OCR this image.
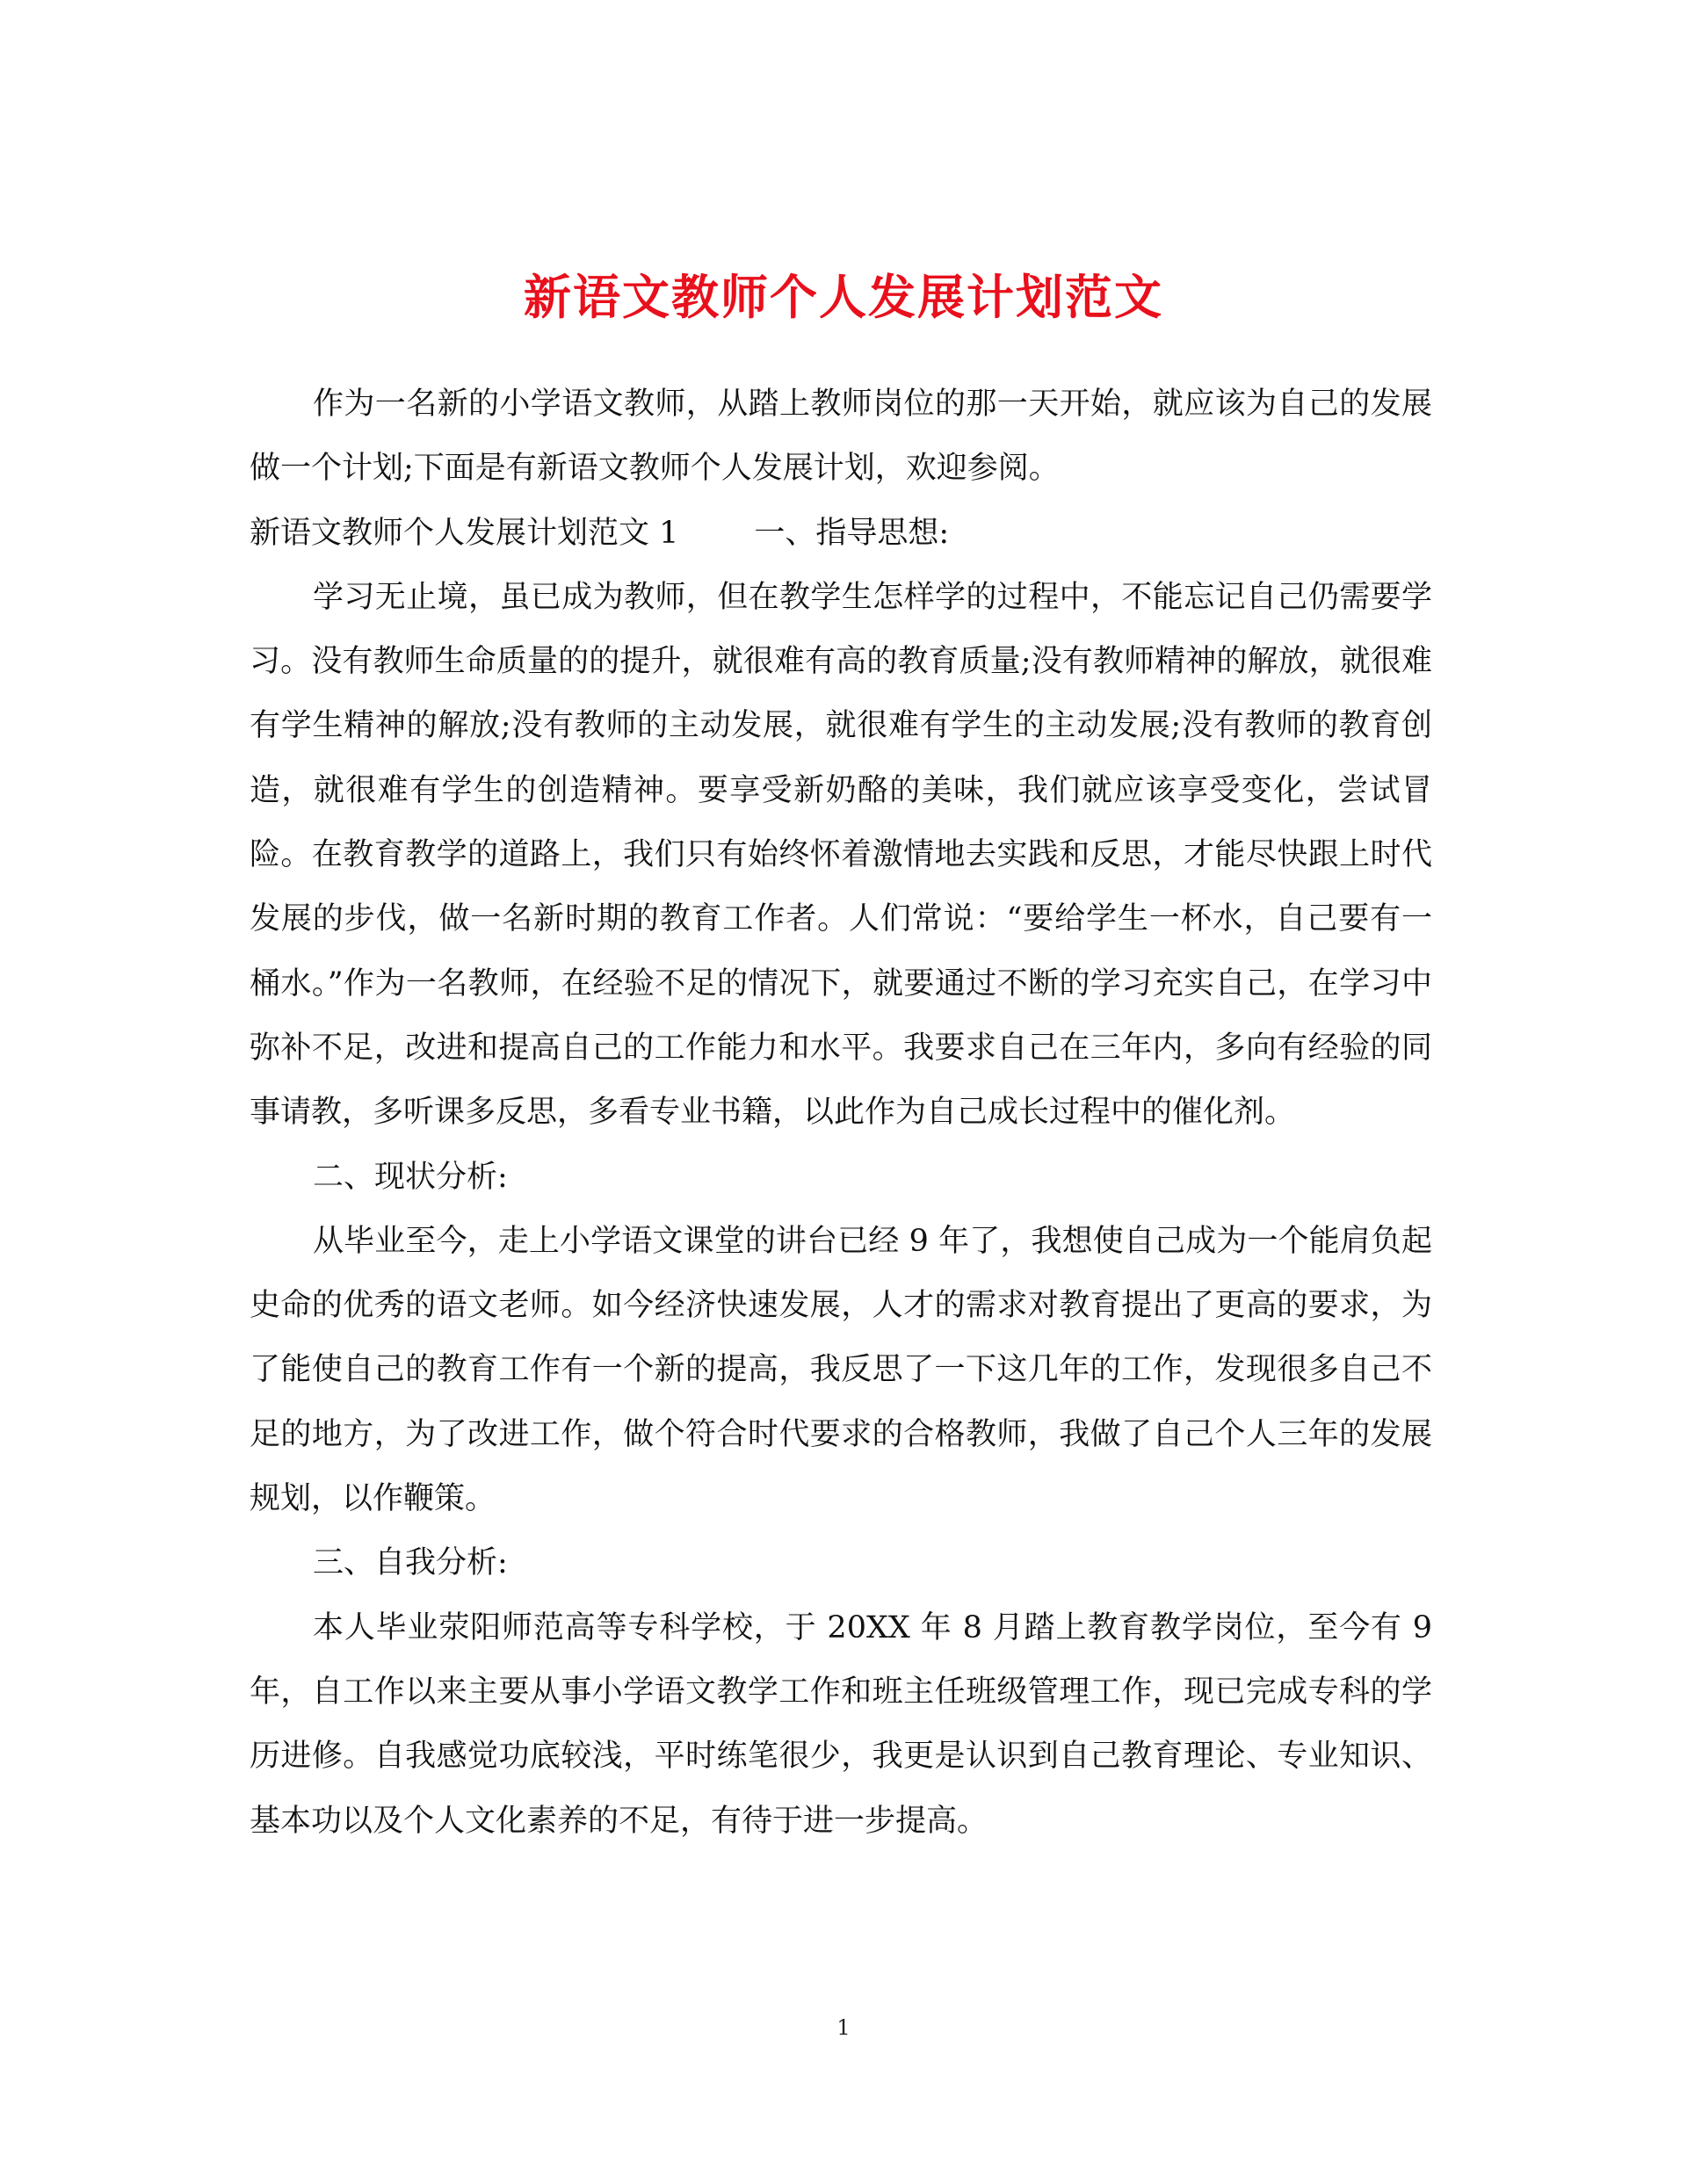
新语文教师个人发展计划范文

作为一名新的小学语文教师，从踏上教师岗位的那一天开始，就应该为自己的发展做一个计划;下面是有新语文教师个人发展计划，欢迎参阅。

新语文教师个人发展计划范文 1 一、指导思想:

学习无止境，虽已成为教师，但在教学生怎样学的过程中，不能忘记自己仍需要学习。没有教师生命质量的的提升，就很难有高的教育质量;没有教师精神的解放，就很难有学生精神的解放;没有教师的主动发展，就很难有学生的主动发展;没有教师的教育创造，就很难有学生的创造精神。要享受新奶酪的美味，我们就应该享受变化，尝试冒险。在教育教学的道路上，我们只有始终怀着激情地去实践和反思，才能尽快跟上时代发展的步伐，做一名新时期的教育工作者。人们常说：“要给学生一杯水，自己要有一桶水。”作为一名教师，在经验不足的情况下，就要通过不断的学习充实自己，在学习中弥补不足，改进和提高自己的工作能力和水平。我要求自己在三年内，多向有经验的同事请教，多听课多反思，多看专业书籍，以此作为自己成长过程中的催化剂。

二、现状分析:

从毕业至今，走上小学语文课堂的讲台已经 9 年了，我想使自己成为一个能肩负起史命的优秀的语文老师。如今经济快速发展，人才的需求对教育提出了更高的要求，为了能使自己的教育工作有一个新的提高，我反思了一下这几年的工作，发现很多自己不足的地方，为了改进工作，做个符合时代要求的合格教师，我做了自己个人三年的发展规划，以作鞭策。

三、自我分析:

本人毕业荥阳师范高等专科学校，于 20XX 年 8 月踏上教育教学岗位，至今有 9 年，自工作以来主要从事小学语文教学工作和班主任班级管理工作，现已完成专科的学历进修。自我感觉功底较浅，平时练笔很少，我更是认识到自己教育理论、专业知识、基本功以及个人文化素养的不足，有待于进一步提高。

1
